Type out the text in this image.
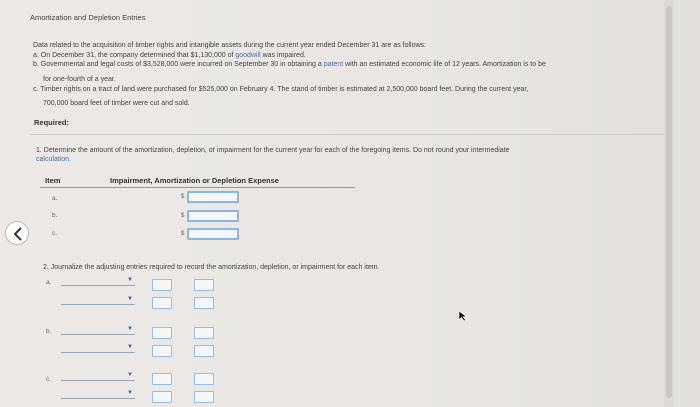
Amortization and Depletion Entries
Data related to the acquisition of timber rights and intangible assets during the current year ended December 31 are as follows:
a. On December 31, the company determined that $1,130,000 of goodwill was impaired.
b. Governmental and legal costs of $3,528,000 were incurred on September 30 in obtaining a patent with an estimated economic life of 12 years. Amortization is to be
for one-fourth of a year.
c. Timber rights on a tract of land were purchased for $525,000 on February 4. The stand of timber is estimated at 2,500,000 board feet. During the current year,
700,000 board feet of timber were cut and sold.
Required:
1. Determine the amount of the amortization, depletion, or impairment for the current year for each of the foregoing items. Do not round your intermediate
calculation.
Item	Impairment, Amortization or Depletion Expense
a.	$
b.	$
c.	$
2. Journalize the adjusting entries required to record the amortization, depletion, or impairment for each item.
a.	▼
▼
b.	▼
▼
c.
▼
▼
